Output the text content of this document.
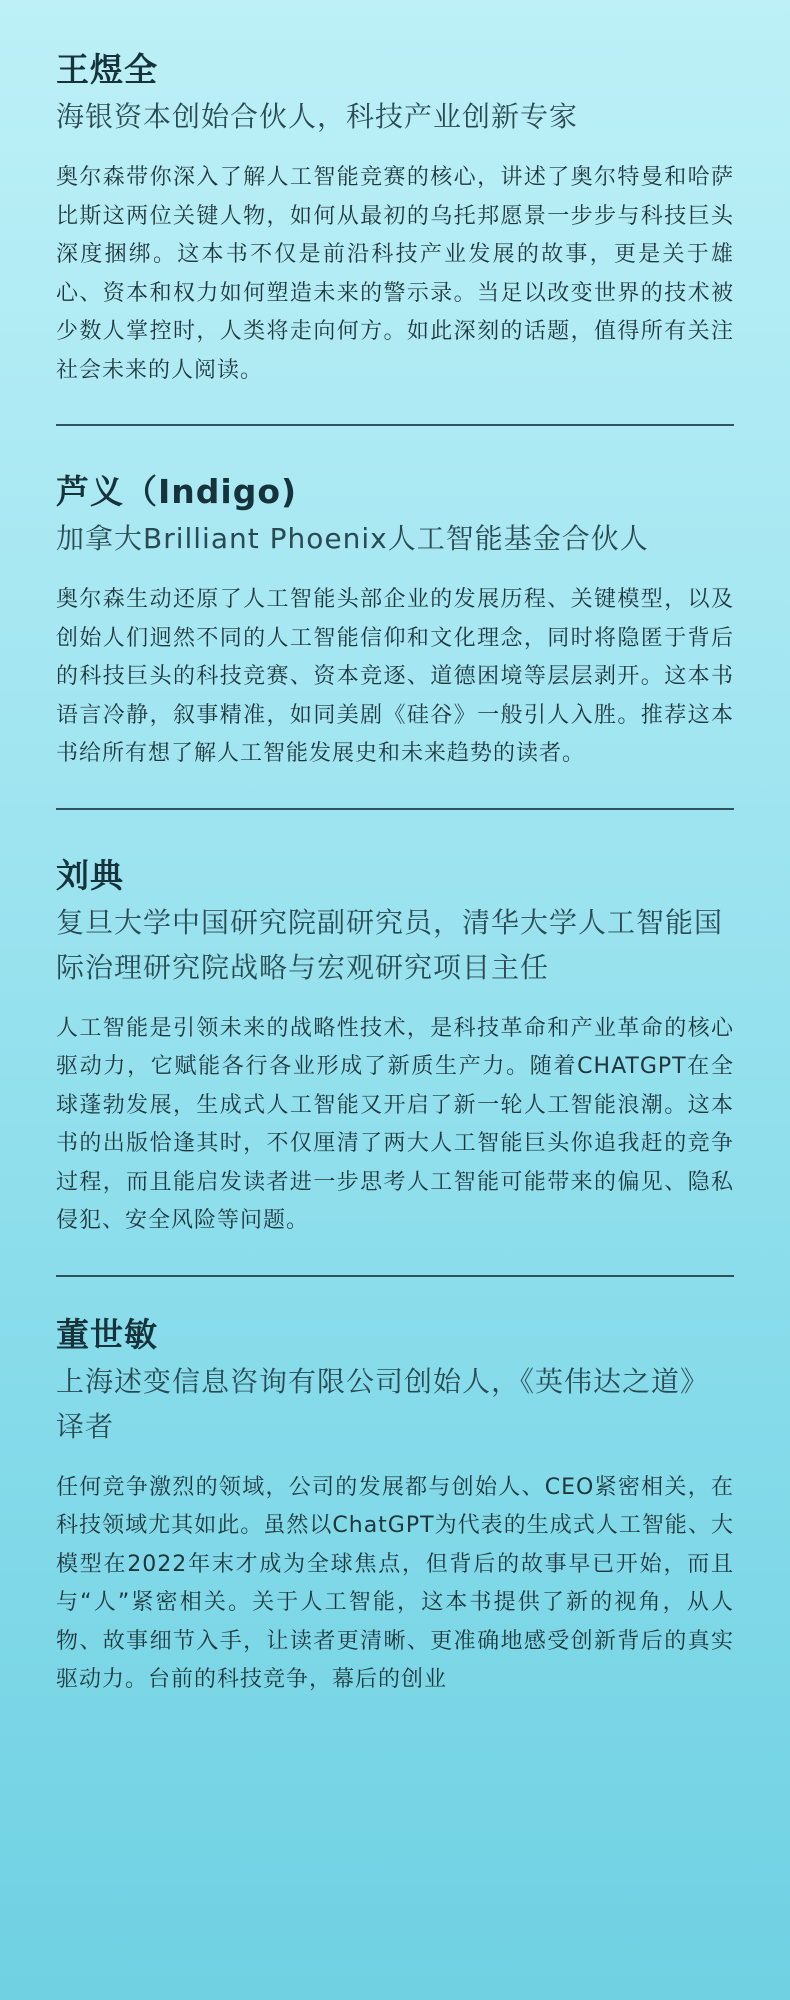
王煜全
海银资本创始合伙人，科技产业创新专家

奥尔森带你深入了解人工智能竞赛的核心，讲述了奥尔特曼和哈萨比斯这两位关键人物，如何从最初的乌托邦愿景一步步与科技巨头深度捆绑。这本书不仅是前沿科技产业发展的故事，更是关于雄心、资本和权力如何塑造未来的警示录。当足以改变世界的技术被少数人掌控时，人类将走向何方。如此深刻的话题，值得所有关注社会未来的人阅读。

芦义（Indigo)
加拿大Brilliant Phoenix人工智能基金合伙人

奥尔森生动还原了人工智能头部企业的发展历程、关键模型，以及创始人们迥然不同的人工智能信仰和文化理念，同时将隐匿于背后的科技巨头的科技竞赛、资本竞逐、道德困境等层层剥开。这本书语言冷静，叙事精准，如同美剧《硅谷》一般引人入胜。推荐这本书给所有想了解人工智能发展史和未来趋势的读者。

刘典
复旦大学中国研究院副研究员，清华大学人工智能国际治理研究院战略与宏观研究项目主任

人工智能是引领未来的战略性技术，是科技革命和产业革命的核心驱动力，它赋能各行各业形成了新质生产力。随着CHATGPT在全球蓬勃发展，生成式人工智能又开启了新一轮人工智能浪潮。这本书的出版恰逢其时，不仅厘清了两大人工智能巨头你追我赶的竞争过程，而且能启发读者进一步思考人工智能可能带来的偏见、隐私侵犯、安全风险等问题。

董世敏
上海述变信息咨询有限公司创始人，《英伟达之道》译者

任何竞争激烈的领域，公司的发展都与创始人、CEO紧密相关，在科技领域尤其如此。虽然以ChatGPT为代表的生成式人工智能、大模型在2022年末才成为全球焦点，但背后的故事早已开始，而且与“人”紧密相关。关于人工智能，这本书提供了新的视角，从人物、故事细节入手，让读者更清晰、更准确地感受创新背后的真实驱动力。台前的科技竞争，幕后的创业
